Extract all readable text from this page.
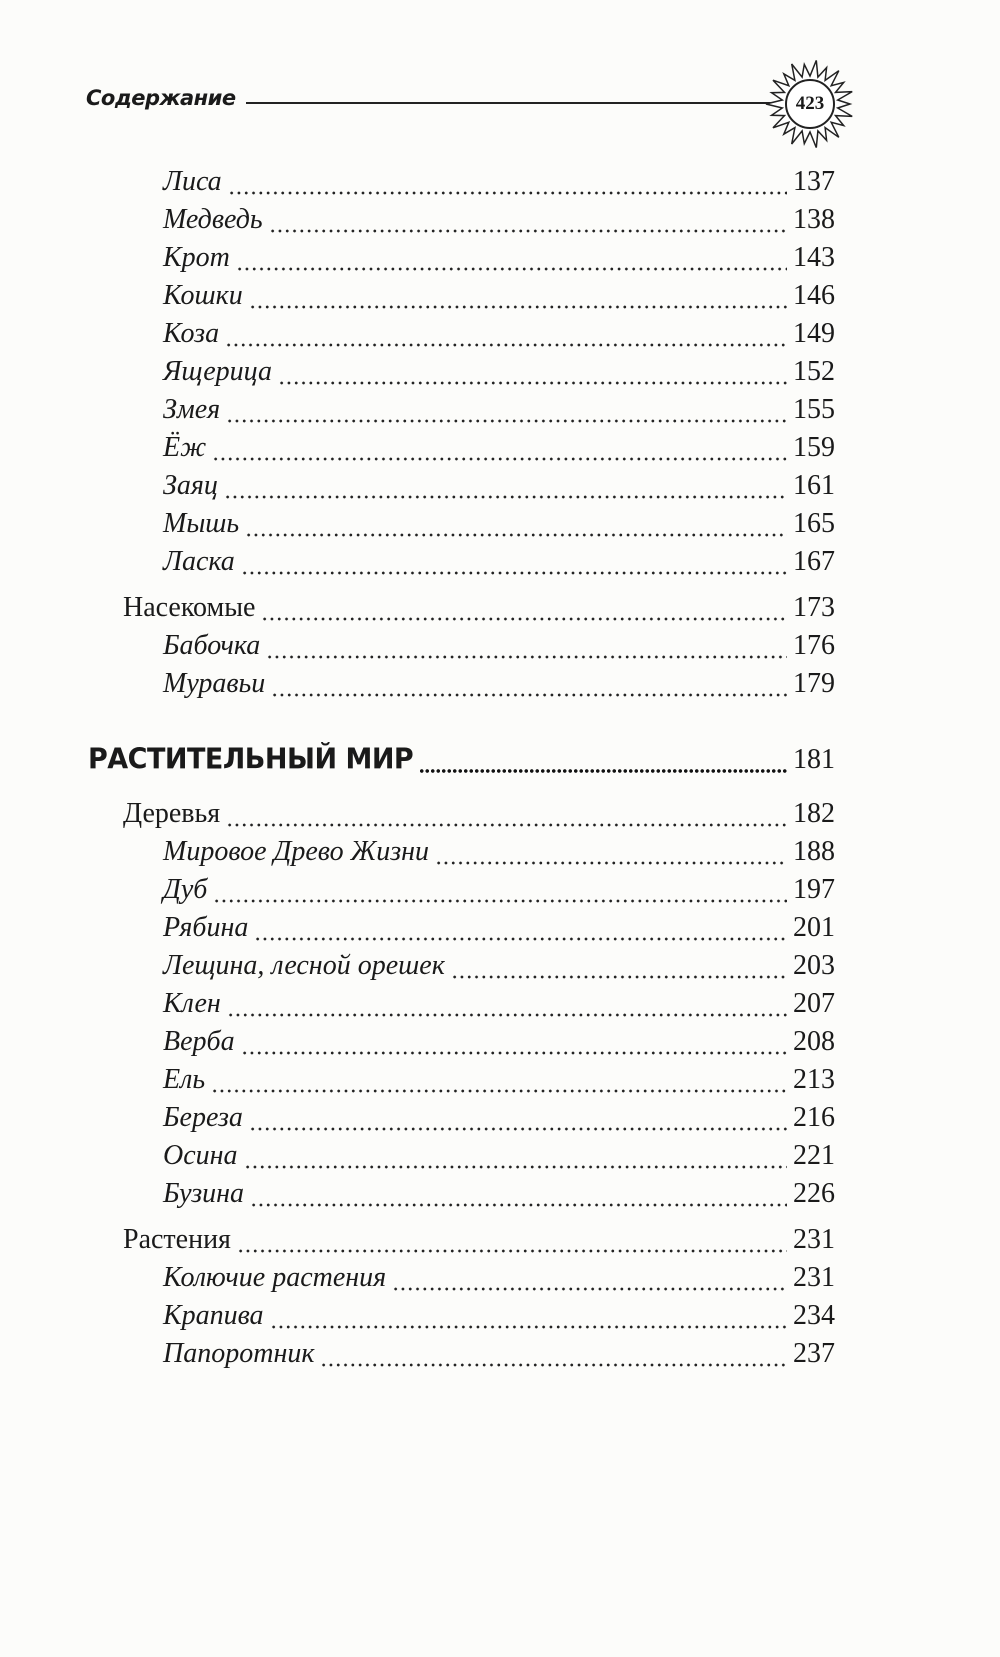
Содержание	423
Лиса	137
Медведь	138
Крот	143
Кошки	146
Коза	149
Ящерица	152
Змея	155
Ёж	159
Заяц	161
Мышь	165
Ласка	167
Насекомые	173
Бабочка	176
Муравьи	179
РАСТИТЕЛЬНЫЙ МИР	181
Деревья	182
Мировое Древо Жизни	188
Дуб	197
Рябина	201
Лещина, лесной орешек	203
Клен	207
Верба	208
Ель	213
Береза	216
Осина	221
Бузина	226
Растения	231
Колючие растения	231
Крапива	234
Папоротник	237
